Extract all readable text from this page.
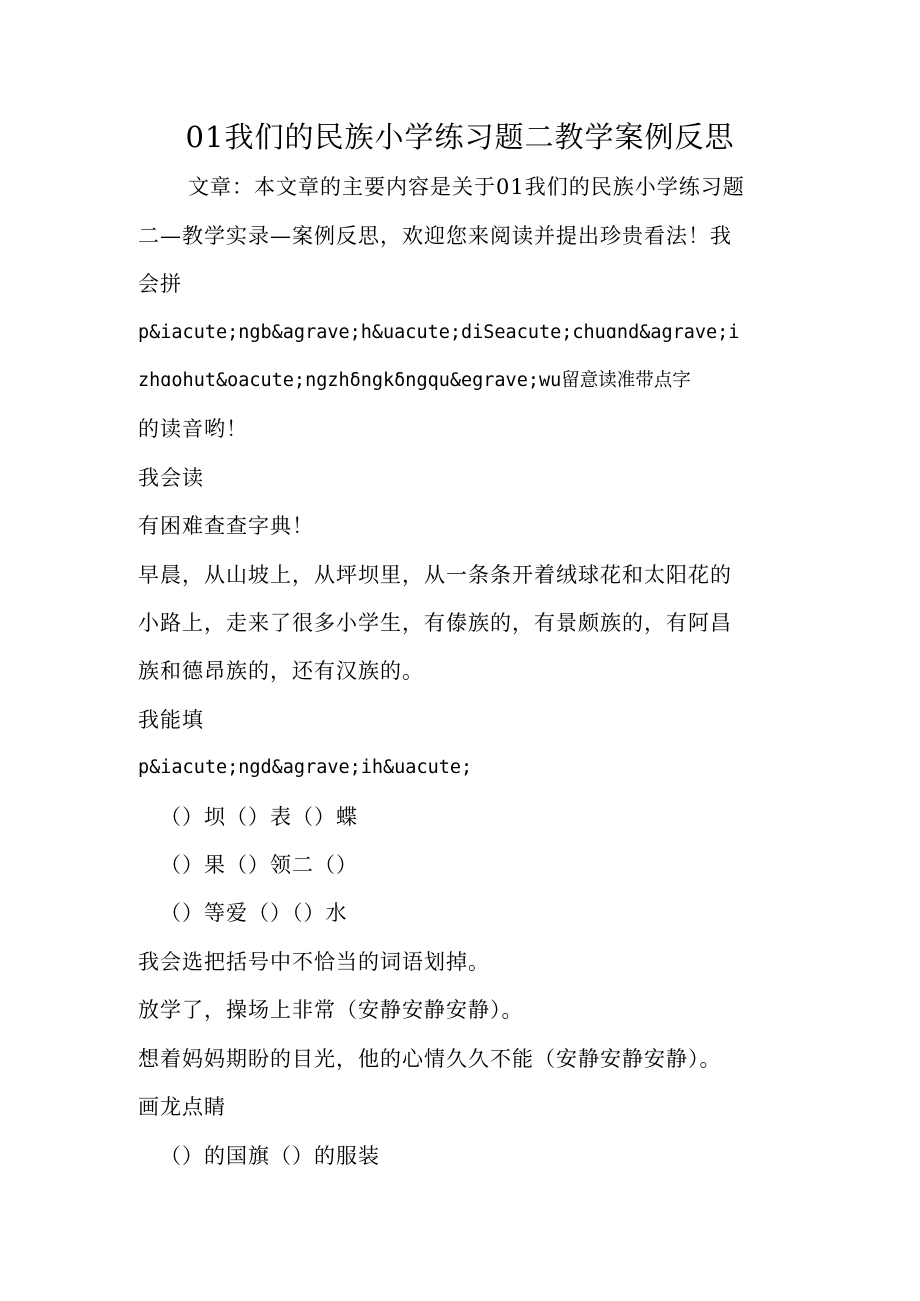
01我们的民族小学练习题二教学案例反思
文章：本文章的主要内容是关于01我们的民族小学练习题
二—教学实录—案例反思，欢迎您来阅读并提出珍贵看法！我
会拼
p&iacute;ngb&agrave;h&uacute;diSeacute;chuɑnd&agrave;i
zhɑohut&oacute;ngzhδngkδngqu&egrave;wu留意读准带点字
的读音哟！
我会读
有困难查查字典！
早晨，从山坡上，从坪坝里，从一条条开着绒球花和太阳花的
小路上，走来了很多小学生，有傣族的，有景颇族的，有阿昌
族和德昂族的，还有汉族的。
我能填
p&iacute;ngd&agrave;ih&uacute;
（）坝（）表（）蝶
（）果（）领二（）
（）等爱（）（）水
我会选把括号中不恰当的词语划掉。
放学了，操场上非常（安静安静安静）。
想着妈妈期盼的目光，他的心情久久不能（安静安静安静）。
画龙点睛
（）的国旗（）的服装
